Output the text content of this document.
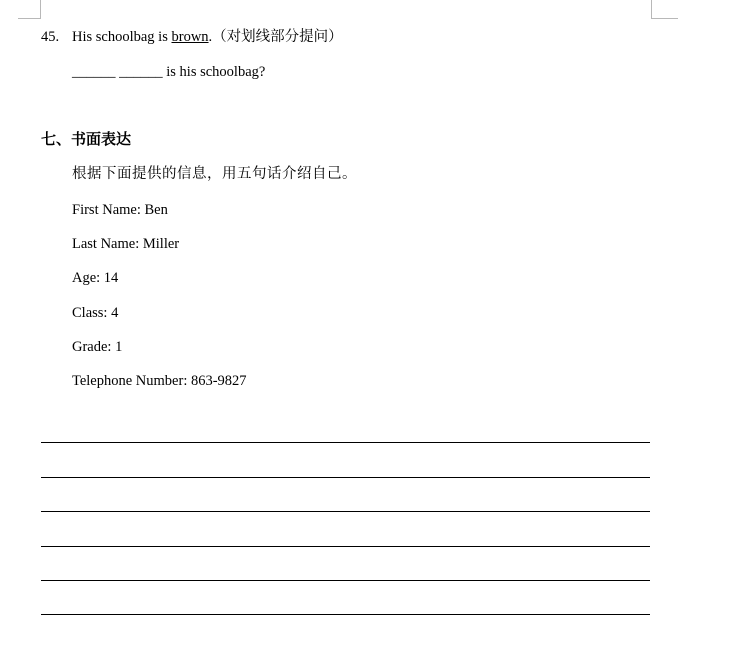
45. His schoolbag is brown.（对划线部分提问）
______ ______ is his schoolbag?
七、书面表达
根据下面提供的信息，用五句话介绍自己。
First Name: Ben
Last Name: Miller
Age: 14
Class: 4
Grade: 1
Telephone Number: 863-9827
